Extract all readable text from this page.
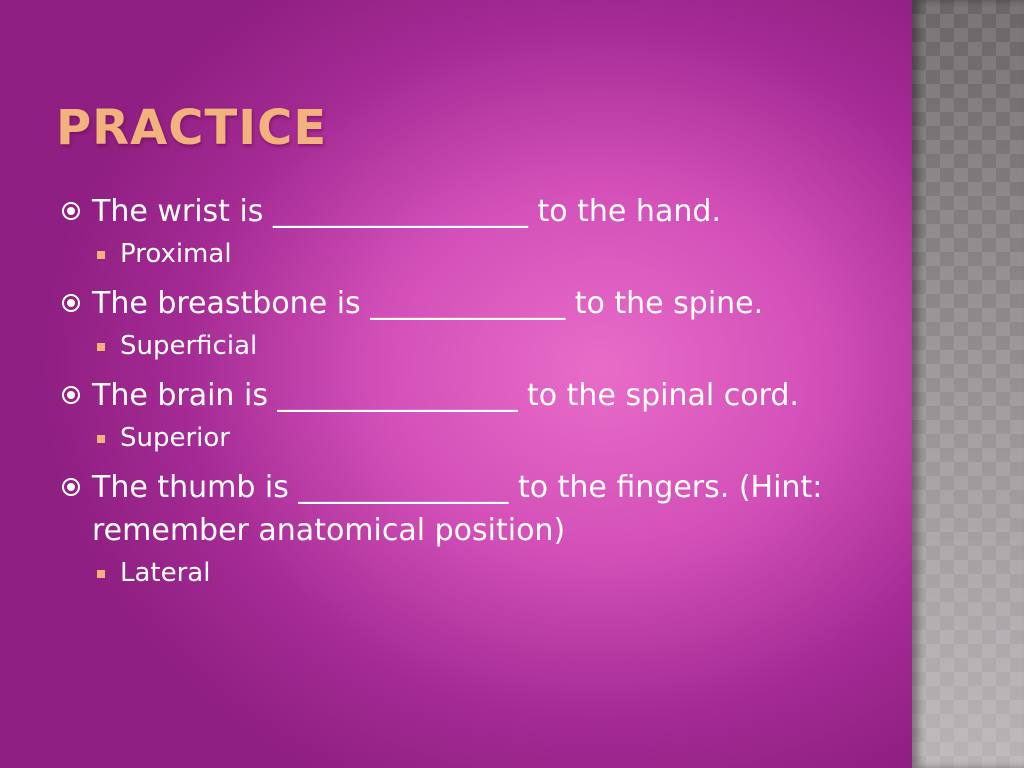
PRACTICE
The wrist is _________________ to the hand.
Proximal
The breastbone is _____________ to the spine.
Superficial
The brain is ________________ to the spinal cord.
Superior
The thumb is ______________ to the fingers. (Hint: remember anatomical position)
Lateral
